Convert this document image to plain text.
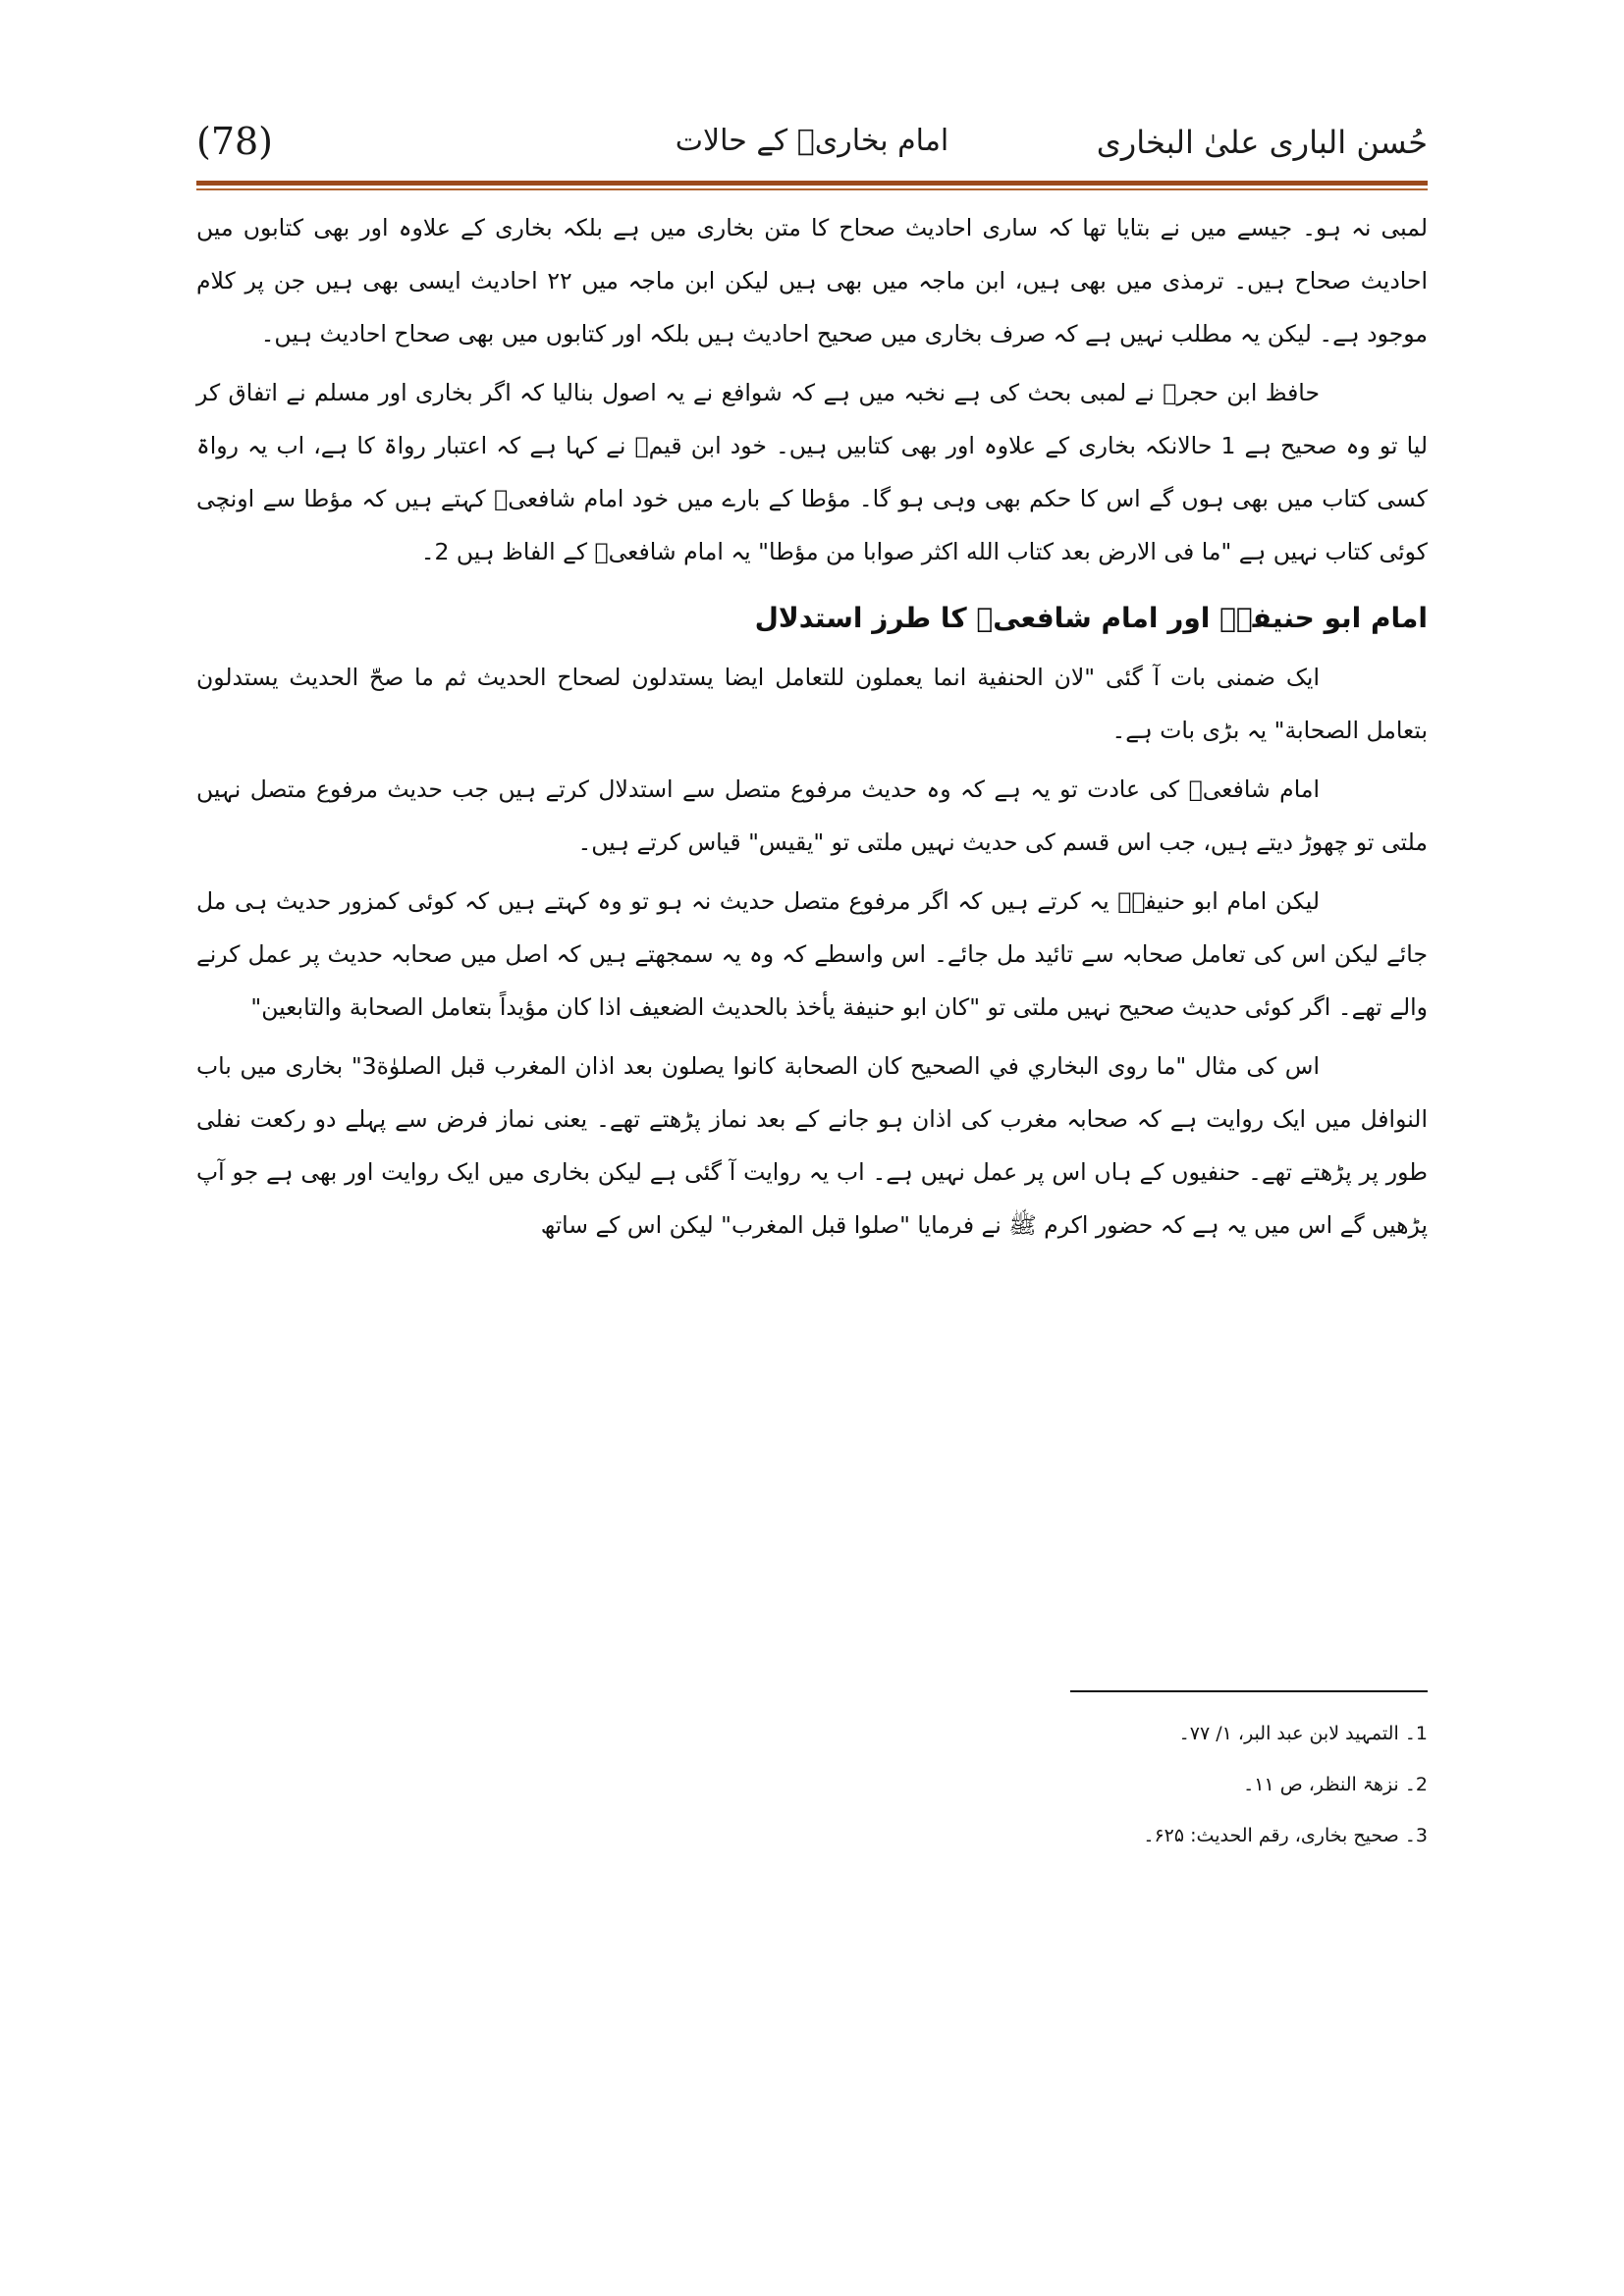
(78)	امام بخاریؒ کے حالات	حُسن الباری علیٰ البخاری

لمبی نہ ہو۔ جیسے میں نے بتایا تھا کہ ساری احادیث صحاح کا متن بخاری میں ہے بلکہ بخاری کے علاوہ اور بھی کتابوں میں احادیث صحاح ہیں۔ ترمذی میں بھی ہیں، ابن ماجہ میں بھی ہیں لیکن ابن ماجہ میں ۲۲ احادیث ایسی بھی ہیں جن پر کلام موجود ہے۔ لیکن یہ مطلب نہیں ہے کہ صرف بخاری میں صحیح احادیث ہیں بلکہ اور کتابوں میں بھی صحاح احادیث ہیں۔

حافظ ابن حجرؒ نے لمبی بحث کی ہے نخبہ میں ہے کہ شوافع نے یہ اصول بنالیا کہ اگر بخاری اور مسلم نے اتفاق کر لیا تو وہ صحیح ہے 1 حالانکہ بخاری کے علاوہ اور بھی کتابیں ہیں۔ خود ابن قیمؒ نے کہا ہے کہ اعتبار رواۃ کا ہے، اب یہ رواۃ کسی کتاب میں بھی ہوں گے اس کا حکم بھی وہی ہو گا۔ مؤطا کے بارے میں خود امام شافعیؒ کہتے ہیں کہ مؤطا سے اونچی کوئی کتاب نہیں ہے "ما فی الارض بعد کتاب الله اکثر صوابا من مؤطا" یہ امام شافعیؒ کے الفاظ ہیں 2۔

امام ابو حنیفہؒ اور امام شافعیؒ کا طرز استدلال

ایک ضمنی بات آ گئی "لان الحنفية انما يعملون للتعامل ايضا يستدلون لصحاح الحديث ثم ما صحّ الحديث يستدلون بتعامل الصحابة" یہ بڑی بات ہے۔

امام شافعیؒ کی عادت تو یہ ہے کہ وہ حدیث مرفوع متصل سے استدلال کرتے ہیں جب حدیث مرفوع متصل نہیں ملتی تو چھوڑ دیتے ہیں، جب اس قسم کی حدیث نہیں ملتی تو "یقیس" قیاس کرتے ہیں۔

لیکن امام ابو حنیفہؒ یہ کرتے ہیں کہ اگر مرفوع متصل حدیث نہ ہو تو وہ کہتے ہیں کہ کوئی کمزور حدیث ہی مل جائے لیکن اس کی تعامل صحابہ سے تائید مل جائے۔ اس واسطے کہ وہ یہ سمجھتے ہیں کہ اصل میں صحابہ حدیث پر عمل کرنے والے تھے۔ اگر کوئی حدیث صحیح نہیں ملتی تو "کان ابو حنيفة يأخذ بالحديث الضعيف اذا كان مؤيداً بتعامل الصحابة والتابعين"

اس کی مثال "ما روى البخاري في الصحيح كان الصحابة كانوا يصلون بعد اذان المغرب قبل الصلوٰة3" بخاری میں باب النوافل میں ایک روایت ہے کہ صحابہ مغرب کی اذان ہو جانے کے بعد نماز پڑھتے تھے۔ یعنی نماز فرض سے پہلے دو رکعت نفلی طور پر پڑھتے تھے۔ حنفیوں کے ہاں اس پر عمل نہیں ہے۔ اب یہ روایت آ گئی ہے لیکن بخاری میں ایک روایت اور بھی ہے جو آپ پڑھیں گے اس میں یہ ہے کہ حضور اکرم ﷺ نے فرمایا "صلوا قبل المغرب" لیکن اس کے ساتھ

1۔ التمہید لابن عبد البر، ۱/ ۷۷۔
2۔ نزھۃ النظر، ص ۱۱۔
3۔ صحیح بخاری، رقم الحدیث: ۶۲۵۔
